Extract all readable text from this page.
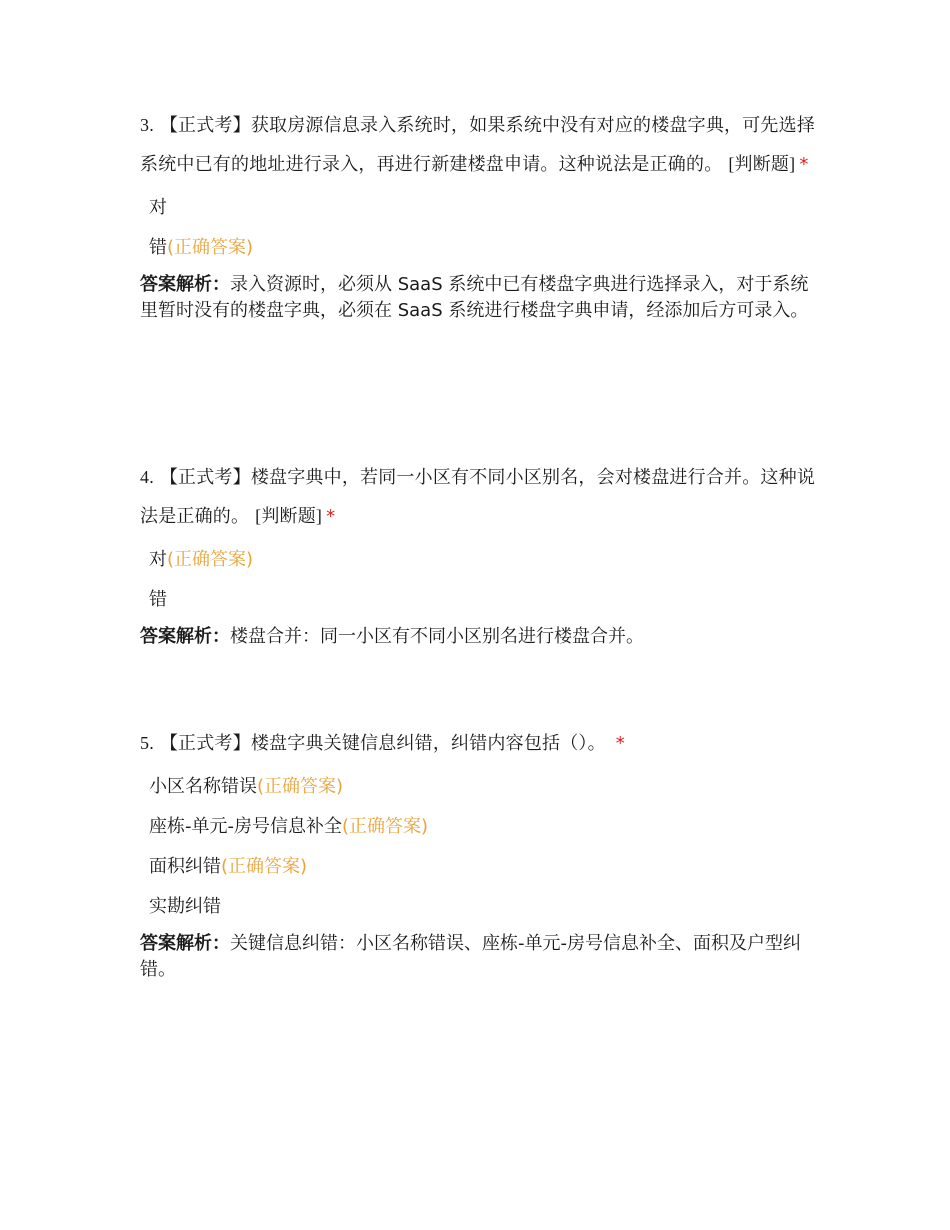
3. 【正式考】获取房源信息录入系统时，如果系统中没有对应的楼盘字典，可先选择系统中已有的地址进行录入，再进行新建楼盘申请。这种说法是正确的。 [判断题] *

对
错(正确答案)
答案解析：录入资源时，必须从 SaaS 系统中已有楼盘字典进行选择录入，对于系统里暂时没有的楼盘字典，必须在 SaaS 系统进行楼盘字典申请，经添加后方可录入。

4. 【正式考】楼盘字典中，若同一小区有不同小区别名，会对楼盘进行合并。这种说法是正确的。 [判断题] *

对(正确答案)
错
答案解析：楼盘合并：同一小区有不同小区别名进行楼盘合并。

5. 【正式考】楼盘字典关键信息纠错，纠错内容包括（）。 *

小区名称错误(正确答案)
座栋-单元-房号信息补全(正确答案)
面积纠错(正确答案)
实勘纠错
答案解析：关键信息纠错：小区名称错误、座栋-单元-房号信息补全、面积及户型纠错。
